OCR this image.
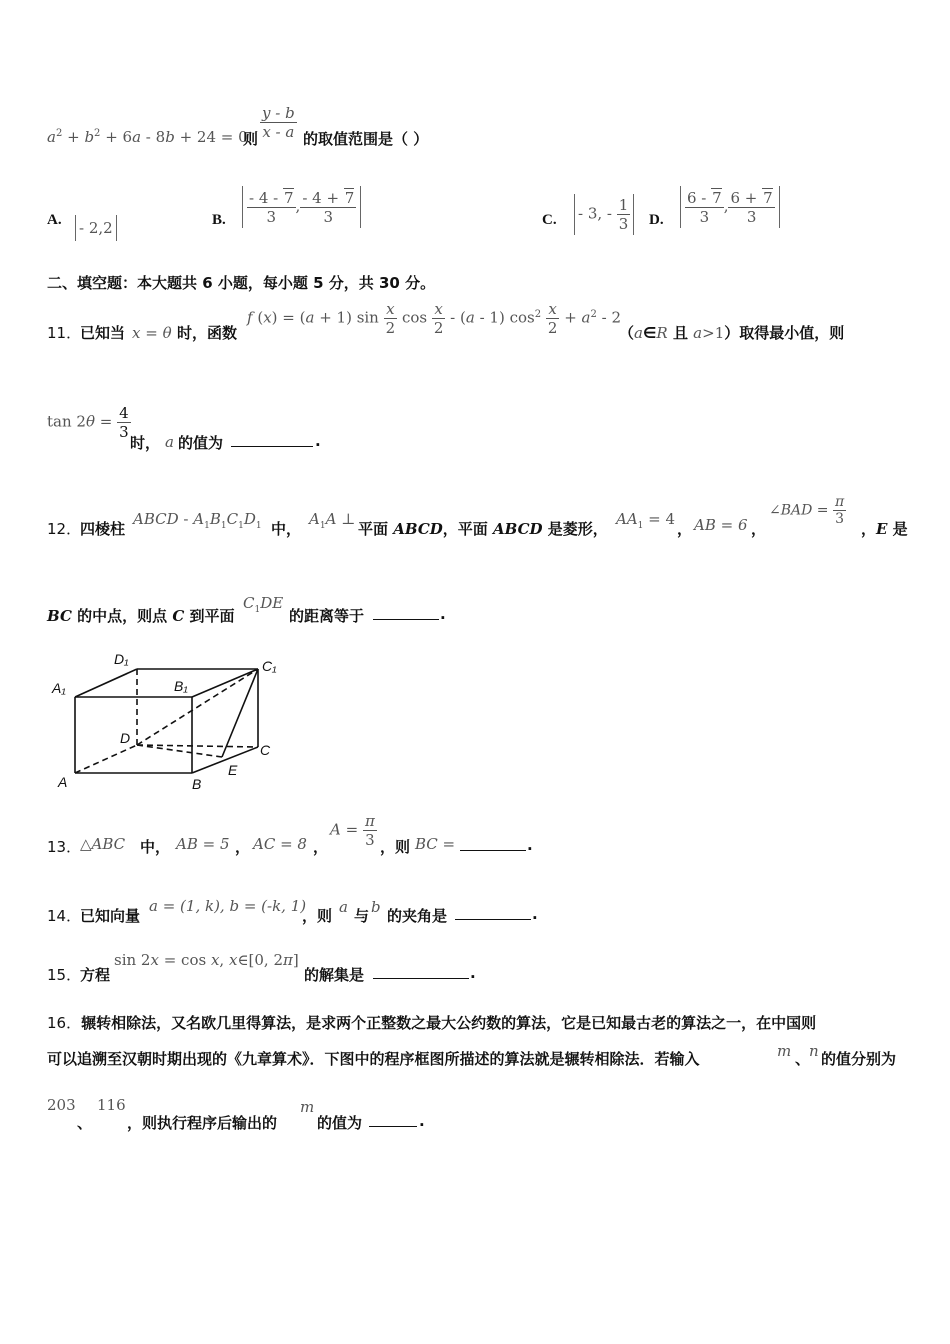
$a^2 + b^2 + 6a - 8b + 24 = 0$
则 $\frac{y - b}{x - a}$ 的取值范围是（ ）
A. - 2,2	B. $\frac{- 4 - 7}{3}$ , $\frac{- 4 + 7}{3}$	C. - 3, - $\frac{1}{3} D$. $\frac{6 - 7}{3}$ , $\frac{6 + 7}{3}$
二、填空题：本大题共 6 小题，每小题 5 分，共 30 分。
11．
已知当 x = θ 时，函数
f (x) = (a + 1) $\sin \frac{x}{2}$ $\cos \frac{x}{2} - (a - 1)$ $\cos^2 \frac{x}{2} + a^2 - 2$
（a∈R 且 a>1）取得最小值，则
$\tan 2\theta = \frac{4}{3}$
时， a 的值为	.
12．
四棱柱
ABCD - $A_1B_1C_1D_1$ 中，
$A_1A$ ⊥
平面 ABCD，平面 ABCD 是菱形，
$AA_1 = 4$
， AB = 6 ，
∠BAD = $\frac{\pi}{3}$
，E 是
BC 的中点，则点 C 到平面
$C_1DE$
的距离等于	.
D₁	C₁
A₁	B₁
D
C
A	B
E
13．
△ABC 中， AB = 5 ， AC = 8 ，
$A = \frac{\pi}{3}$ ，则 BC =	.
14．
已知向量
a = (1, k), b = (-k, 1)
，则 a 与 b 的夹角是	.
15．
方程
sin 2x = cos x, x∈[0, 2π]
的解集是	.
16．辗转相除法，又名欧几里得算法，是求两个正整数之最大公约数的算法，它是已知最古老的算法之一，在中国则
可以追溯至汉朝时期出现的《九章算术》．下图中的程序框图所描述的算法就是辗转相除法．若输入	m 、
n 的值分别为
203
、
116
，则执行程序后输出的
m
的值为	.
